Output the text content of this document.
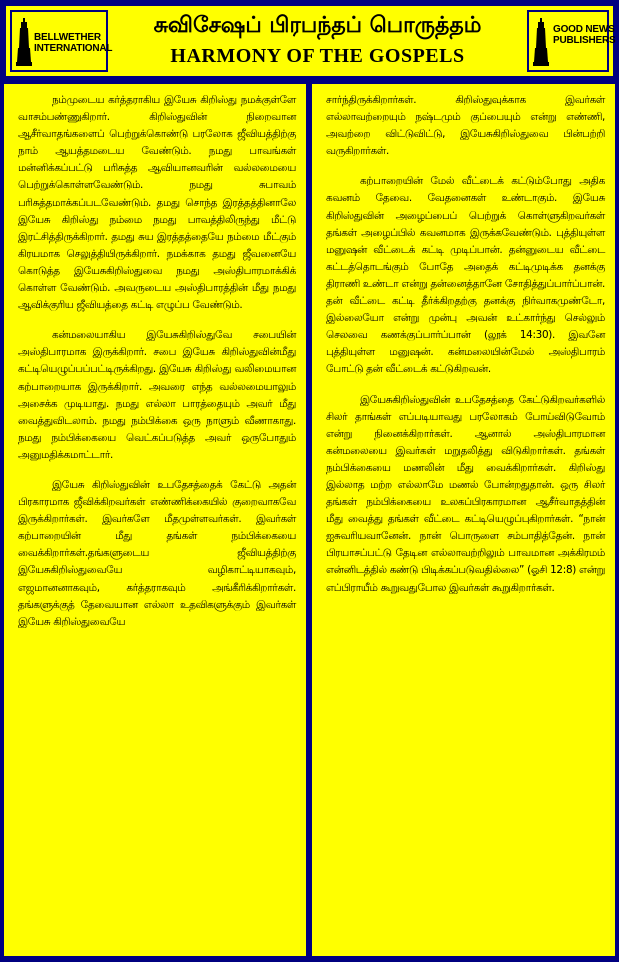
BELLWETHER
INTERNATIONAL
சுவிசேஷப் பிரபந்தப் பொருத்தம்
HARMONY OF THE GOSPELS
GOOD NEWS
PUBLISHERS

நம்முடைய கர்த்தராகிய இயேசு கிறிஸ்து நமக்குள்ளே வாசம்பண்ணுகிறார். கிறிஸ்துவின் நிறைவான ஆசீர்வாதங்களைப் பெற்றுக்கொண்டு பரலோக ஜீவியத்திற்கு நாம் ஆயத்தமடைய வேண்டும். நமது பாவங்கள் மன்னிக்கப்பட்டு பரிசுத்த ஆவியானவரின் வல்லமையை பெற்றுக்கொள்ளவேண்டும். நமது சுபாவம் பரிசுத்தமாக்கப்படவேண்டும். தமது சொந்த இரத்தத்தினாலே இயேசு கிறிஸ்து நம்மை நமது பாவத்திலிருந்து மீட்டு இரட்சித்திருக்கிறார். தமது சுய இரத்தத்தையே நம்மை மீட்கும் கிரயமாக செலுத்தியிருக்கிறார். நமக்காக தமது ஜீவனையே கொடுத்த இயேசுகிறிஸ்துவை நமது அஸ்திபாரமாக்கிக் கொள்ள வேண்டும். அவருடைய அஸ்திபாரத்தின் மீது நமது ஆவிக்குரிய ஜீவியத்தை கட்டி எழுப்ப வேண்டும்.

கன்மலையாகிய இயேசுகிறிஸ்துவே சபையின் அஸ்திபாரமாக இருக்கிறார். சபை இயேசு கிறிஸ்துவின்மீது கட்டியெழுப்பப்பட்டிருக்கிறது. இயேசு கிறிஸ்து வலிமையான கற்பாறையாக இருக்கிறார். அவரை எந்த வல்லமையாலும் அசைக்க முடியாது. நமது எல்லா பாரத்தையும் அவர் மீது வைத்துவிடலாம். நமது நம்பிக்கை ஒரு நாளும் வீணாகாது. நமது நம்பிக்கையை வெட்கப்படுத்த அவர் ஒருபோதும் அனுமதிக்கமாட்டார்.

இயேசு கிறிஸ்துவின் உபதேசத்தைக் கேட்டு அதன் பிரகாரமாக ஜீவிக்கிறவர்கள் எண்ணிக்கையில் குறைவாகவே இருக்கிறார்கள். இவர்களே மீதமுள்ளவர்கள். இவர்கள் கற்பாறையின் மீது தங்கள் நம்பிக்கையை வைக்கிறார்கள்.தங்களுடைய ஜீவியத்திற்கு இயேசுகிறிஸ்துவையே வழிகாட்டியாகவும், எஜமானனாகவும், கர்த்தராகவும் அங்கீரிக்கிறார்கள். தங்களுக்குத் தேவையான எல்லா உதவிகளுக்கும் இவர்கள் இயேசு கிறிஸ்துவையே

சார்ந்திருக்கிறார்கள். கிறிஸ்துவுக்காக இவர்கள் எல்லாவற்றையும் நஷ்டமும் குப்பையும் என்று எண்ணி, அவற்றை விட்டுவிட்டு, இயேசுகிறிஸ்துவை பின்பற்றி வருகிறார்கள்.

கற்பாறையின் மேல் வீட்டைக் கட்டும்போது அதிக கவனம் தேவை. வேதனைகள் உண்டாகும். இயேசு கிறிஸ்துவின் அழைப்பைப் பெற்றுக் கொள்ளுகிறவர்கள் தங்கள் அழைப்பில் கவனமாக இருக்கவேண்டும். புத்தியுள்ள மனுஷன் வீட்டைக் கட்டி முடிப்பான். தன்னுடைய வீட்டை கட்டத்தொடங்கும் போதே அதைக் கட்டிமுடிக்க தனக்கு திராணி உண்டா என்று தன்னைத்தானே சோதித்துப்பார்ப்பான். தன் வீட்டை கட்டி தீர்க்கிறதற்கு தனக்கு நிர்வாகமுண்டோ, இல்லையோ என்று முன்பு அவன் உட்கார்ந்து செல்லும் செலவை கணக்குப்பார்ப்பான் (லூக் 14:30). இவனே புத்தியுள்ள மனுஷன். கன்மலையின்மேல் அஸ்திபாரம் போட்டு தன் வீட்டைக் கட்டுகிறவன்.

இயேசுகிறிஸ்துவின் உபதேசத்தை கேட்டுகிறவர்களில் சிலர் தாங்கள் எப்படியாவது பரலோகம் போய்விடுவோம் என்று நினைக்கிறார்கள். ஆனால் அஸ்திபாரமான கன்மலையை இவர்கள் மறுதலித்து விடுகிறார்கள். தங்கள் நம்பிக்கையை மணலின் மீது வைக்கிறார்கள். கிறிஸ்து இல்லாத மற்ற எல்லாமே மணல் போன்றதுதான். ஒரு சிலர் தங்கள் நம்பிக்கையை உலகப்பிரகாரமான ஆசீர்வாதத்தின் மீது வைத்து தங்கள் வீட்டை கட்டியெழுப்புகிறார்கள். “நான் ஐசுவரியவானேன். நான் பொருளை சம்பாதித்தேன். நான் பிரயாசப்பட்டு தேடின எல்லாவற்றிலும் பாவமான அக்கிரமம் என்னிடத்தில் கண்டு பிடிக்கப்படுவதில்லை” (ஓசி 12:8) என்று எப்பிராயீம் கூறுவதுபோல இவர்கள் கூறுகிறார்கள்.
